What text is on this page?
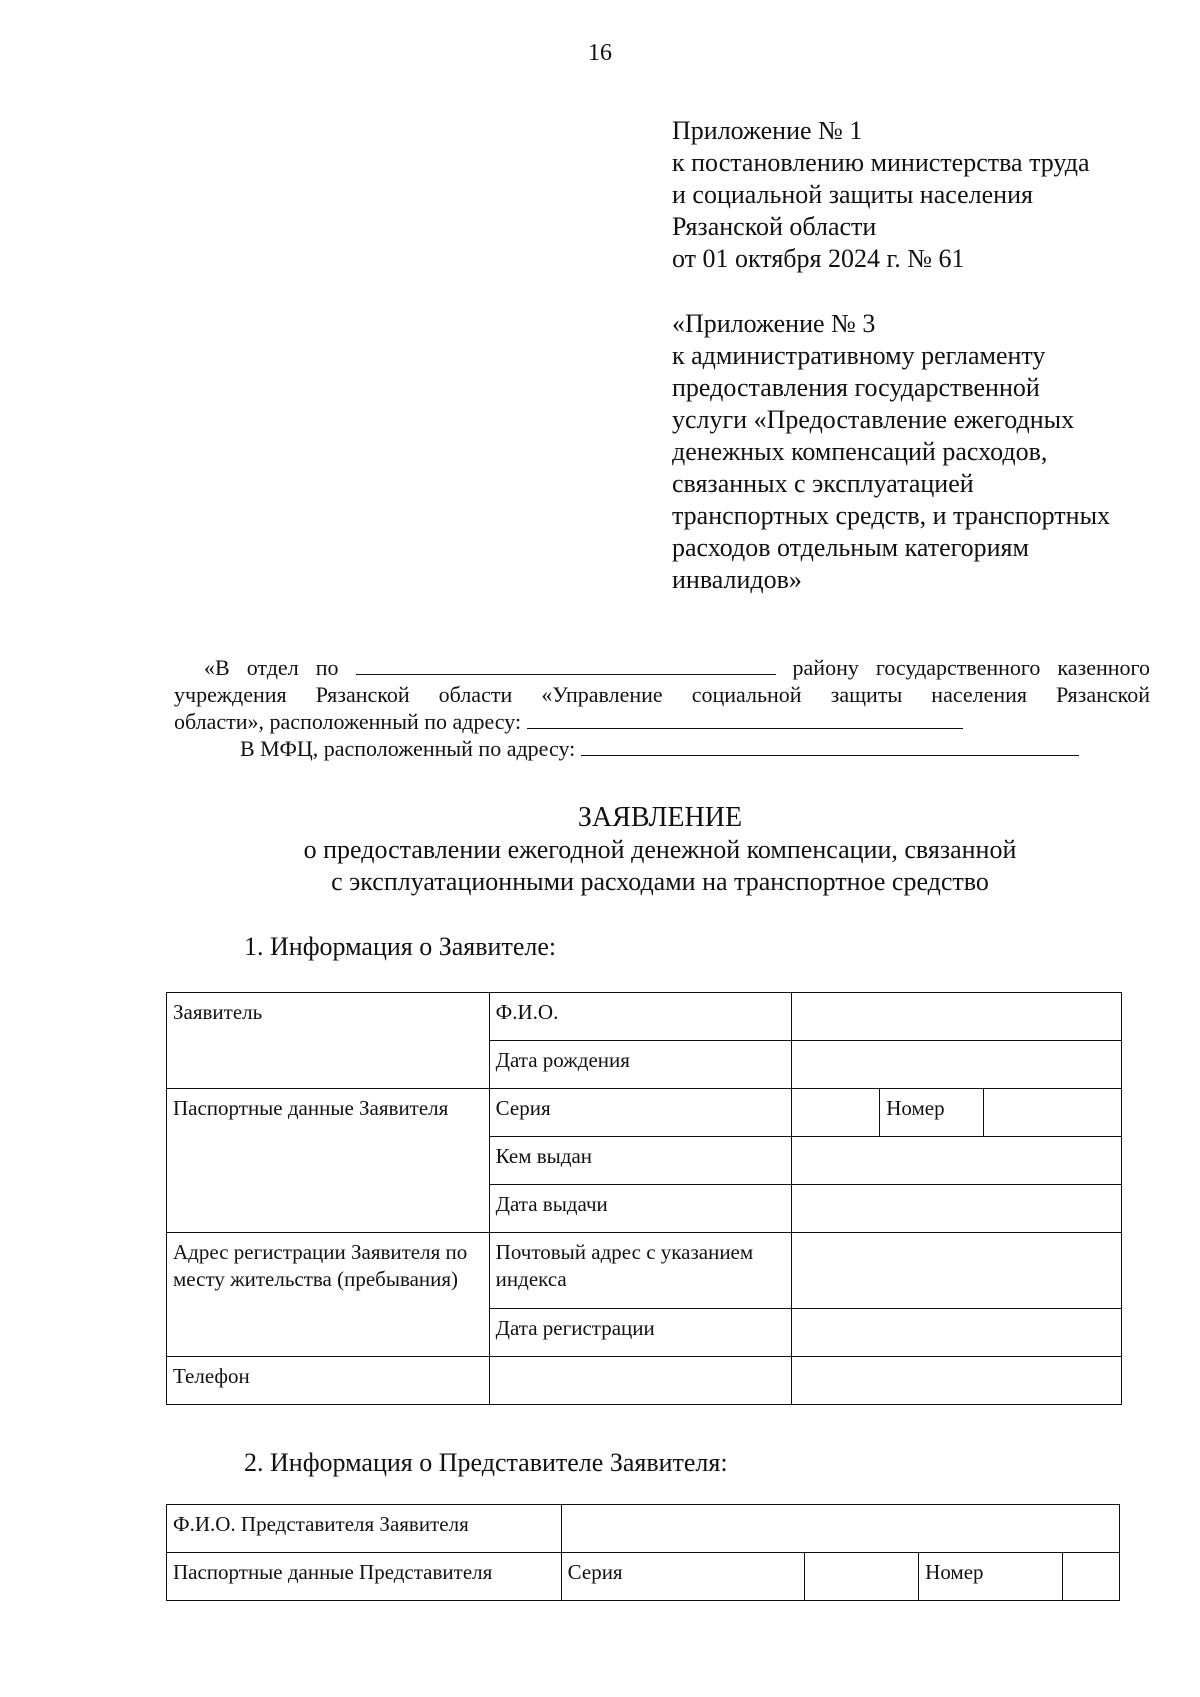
16
Приложение № 1
к постановлению министерства труда
и социальной защиты населения
Рязанской области
от 01 октября 2024 г. № 61
«Приложение № 3
к административному регламенту
предоставления государственной
услуги «Предоставление ежегодных
денежных компенсаций расходов,
связанных с эксплуатацией
транспортных средств, и транспортных
расходов отдельным категориям
инвалидов»

«В отдел по	району государственного казенного

учреждения Рязанской области «Управление социальной защиты населения Рязанской

области», расположенный по адресу:

В МФЦ, расположенный по адресу:

ЗАЯВЛЕНИЕ
о предоставлении ежегодной денежной компенсации, связанной
с эксплуатационными расходами на транспортное средство
1. Информация о Заявителе:
Заявитель	Ф.И.О.			
	Дата рождения			
Паспортные данные Заявителя	Серия		Номер	
	Кем выдан			
	Дата выдачи			
Адрес регистрации Заявителя по месту жительства (пребывания)	Почтовый адрес с указанием индекса			
	Дата регистрации			
Телефон				
2. Информация о Представителе Заявителя:
Ф.И.О. Представителя Заявителя				
Паспортные данные Представителя	Серия		Номер	
